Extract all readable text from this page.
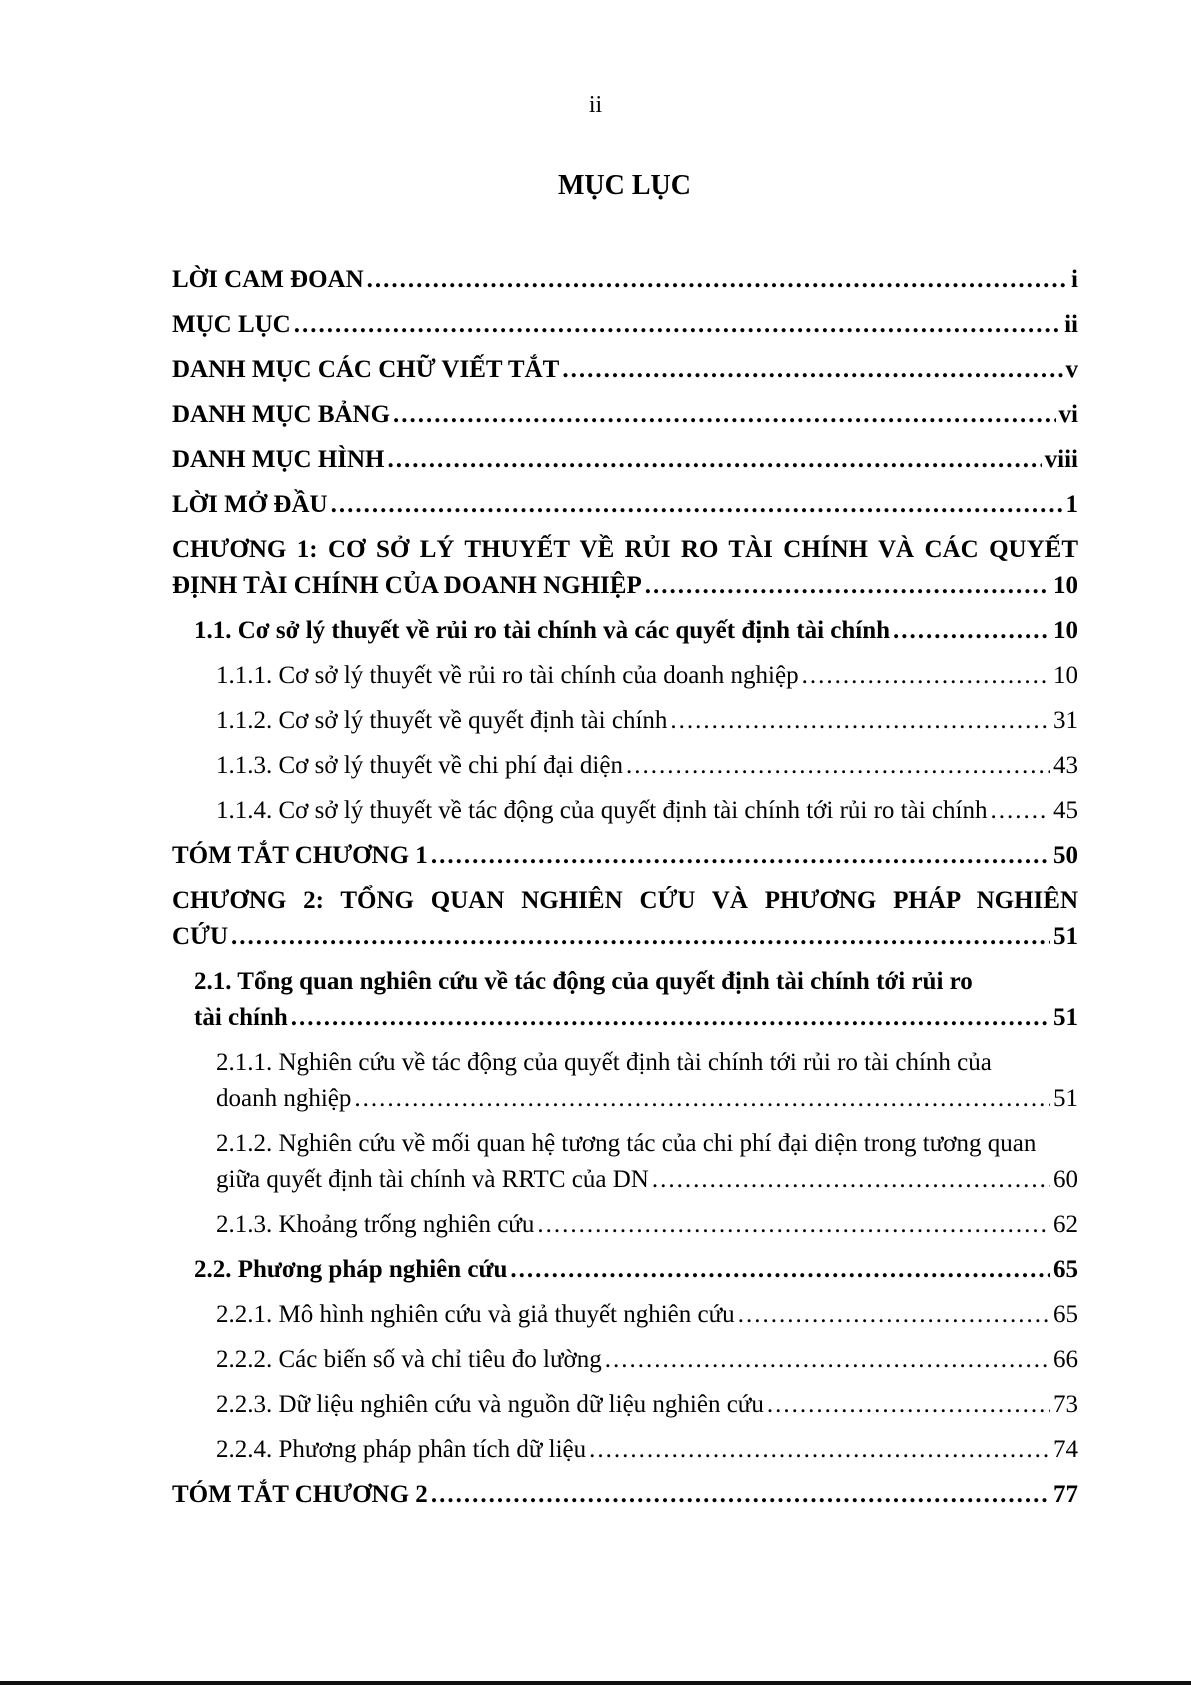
ii
MỤC LỤC
LỜI CAM ĐOAN .....	i
MỤC LỤC .....	ii
DANH MỤC CÁC CHỮ VIẾT TẮT .....	v
DANH MỤC BẢNG .....	vi
DANH MỤC HÌNH .....	viii
LỜI MỞ ĐẦU .....	1
CHƯƠNG 1: CƠ SỞ LÝ THUYẾT VỀ RỦI RO TÀI CHÍNH VÀ CÁC QUYẾT
ĐỊNH TÀI CHÍNH CỦA DOANH NGHIỆP .....	10
1.1. Cơ sở lý thuyết về rủi ro tài chính và các quyết định tài chính .....	10
1.1.1. Cơ sở lý thuyết về rủi ro tài chính của doanh nghiệp .....	10
1.1.2. Cơ sở lý thuyết về quyết định tài chính .....	31
1.1.3. Cơ sở lý thuyết về chi phí đại diện .....	43
1.1.4. Cơ sở lý thuyết về tác động của quyết định tài chính tới rủi ro tài chính .....	45
TÓM TẮT CHƯƠNG 1 .....	50
CHƯƠNG 2: TỔNG QUAN NGHIÊN CỨU VÀ PHƯƠNG PHÁP NGHIÊN
CỨU .....	51
2.1. Tổng quan nghiên cứu về tác động của quyết định tài chính tới rủi ro
tài chính .....	51
2.1.1. Nghiên cứu về tác động của quyết định tài chính tới rủi ro tài chính của
doanh nghiệp .....	51
2.1.2. Nghiên cứu về mối quan hệ tương tác của chi phí đại diện trong tương quan
giữa quyết định tài chính và RRTC của DN .....	60
2.1.3. Khoảng trống nghiên cứu .....	62
2.2. Phương pháp nghiên cứu .....	65
2.2.1. Mô hình nghiên cứu và giả thuyết nghiên cứu .....	65
2.2.2. Các biến số và chỉ tiêu đo lường .....	66
2.2.3. Dữ liệu nghiên cứu và nguồn dữ liệu nghiên cứu .....	73
2.2.4. Phương pháp phân tích dữ liệu .....	74
TÓM TẮT CHƯƠNG 2 .....	77
